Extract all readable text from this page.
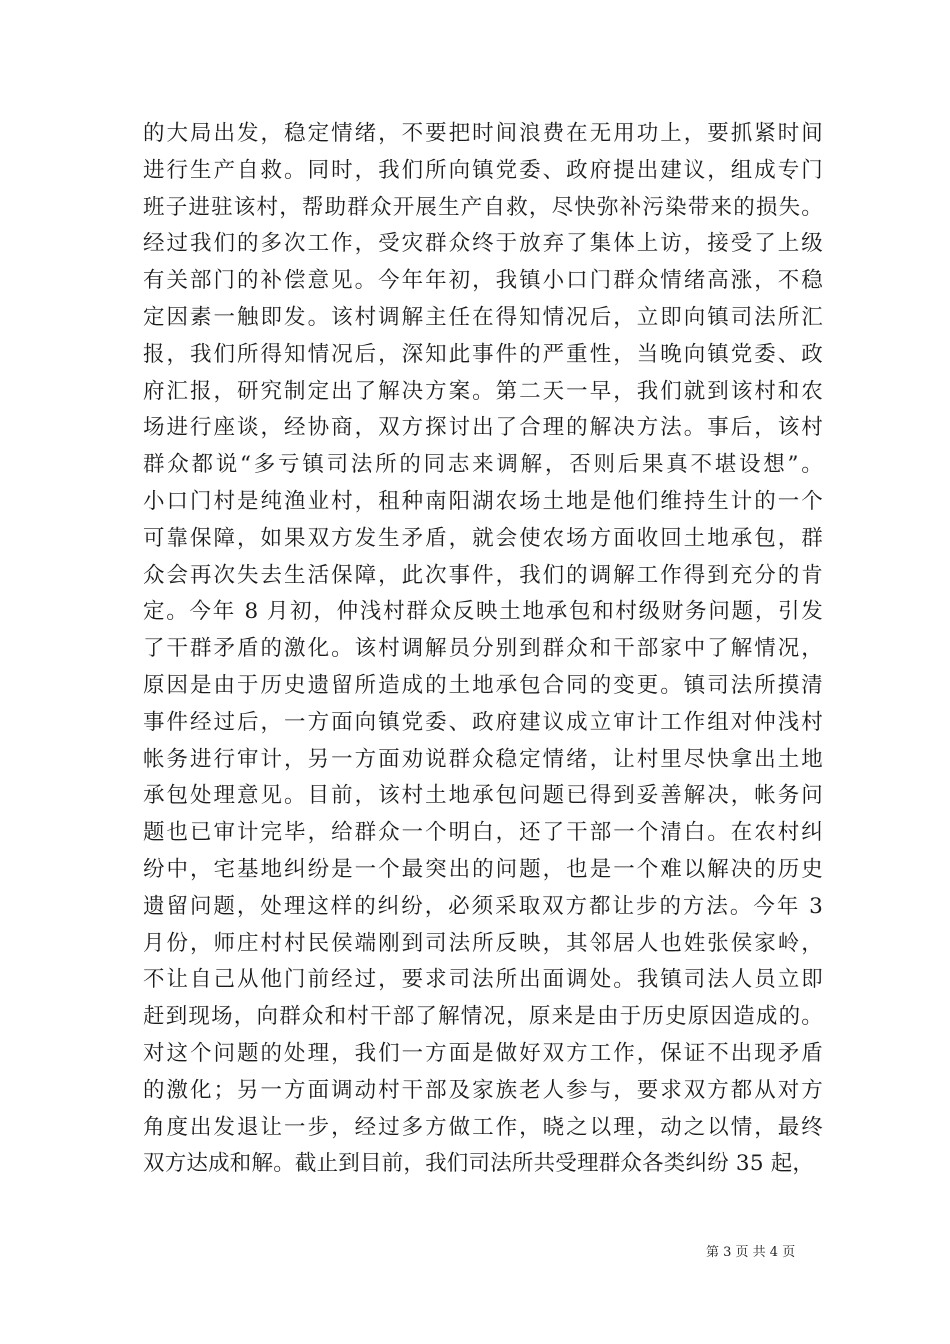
的大局出发，稳定情绪，不要把时间浪费在无用功上，要抓紧时间
进行生产自救。同时，我们所向镇党委、政府提出建议，组成专门
班子进驻该村，帮助群众开展生产自救，尽快弥补污染带来的损失。
经过我们的多次工作，受灾群众终于放弃了集体上访，接受了上级
有关部门的补偿意见。今年年初，我镇小口门群众情绪高涨，不稳
定因素一触即发。该村调解主任在得知情况后，立即向镇司法所汇
报，我们所得知情况后，深知此事件的严重性，当晚向镇党委、政
府汇报，研究制定出了解决方案。第二天一早，我们就到该村和农
场进行座谈，经协商，双方探讨出了合理的解决方法。事后，该村
群众都说“多亏镇司法所的同志来调解，否则后果真不堪设想”。
小口门村是纯渔业村，租种南阳湖农场土地是他们维持生计的一个
可靠保障，如果双方发生矛盾，就会使农场方面收回土地承包，群
众会再次失去生活保障，此次事件，我们的调解工作得到充分的肯
定。今年 8 月初，仲浅村群众反映土地承包和村级财务问题，引发
了干群矛盾的激化。该村调解员分别到群众和干部家中了解情况，
原因是由于历史遗留所造成的土地承包合同的变更。镇司法所摸清
事件经过后，一方面向镇党委、政府建议成立审计工作组对仲浅村
帐务进行审计，另一方面劝说群众稳定情绪，让村里尽快拿出土地
承包处理意见。目前，该村土地承包问题已得到妥善解决，帐务问
题也已审计完毕，给群众一个明白，还了干部一个清白。在农村纠
纷中，宅基地纠纷是一个最突出的问题，也是一个难以解决的历史
遗留问题，处理这样的纠纷，必须采取双方都让步的方法。今年 3
月份，师庄村村民侯端刚到司法所反映，其邻居人也姓张侯家岭，
不让自己从他门前经过，要求司法所出面调处。我镇司法人员立即
赶到现场，向群众和村干部了解情况，原来是由于历史原因造成的。
对这个问题的处理，我们一方面是做好双方工作，保证不出现矛盾
的激化；另一方面调动村干部及家族老人参与，要求双方都从对方
角度出发退让一步，经过多方做工作，晓之以理，动之以情，最终
双方达成和解。截止到目前，我们司法所共受理群众各类纠纷 35 起，
第 3 页 共 4 页
